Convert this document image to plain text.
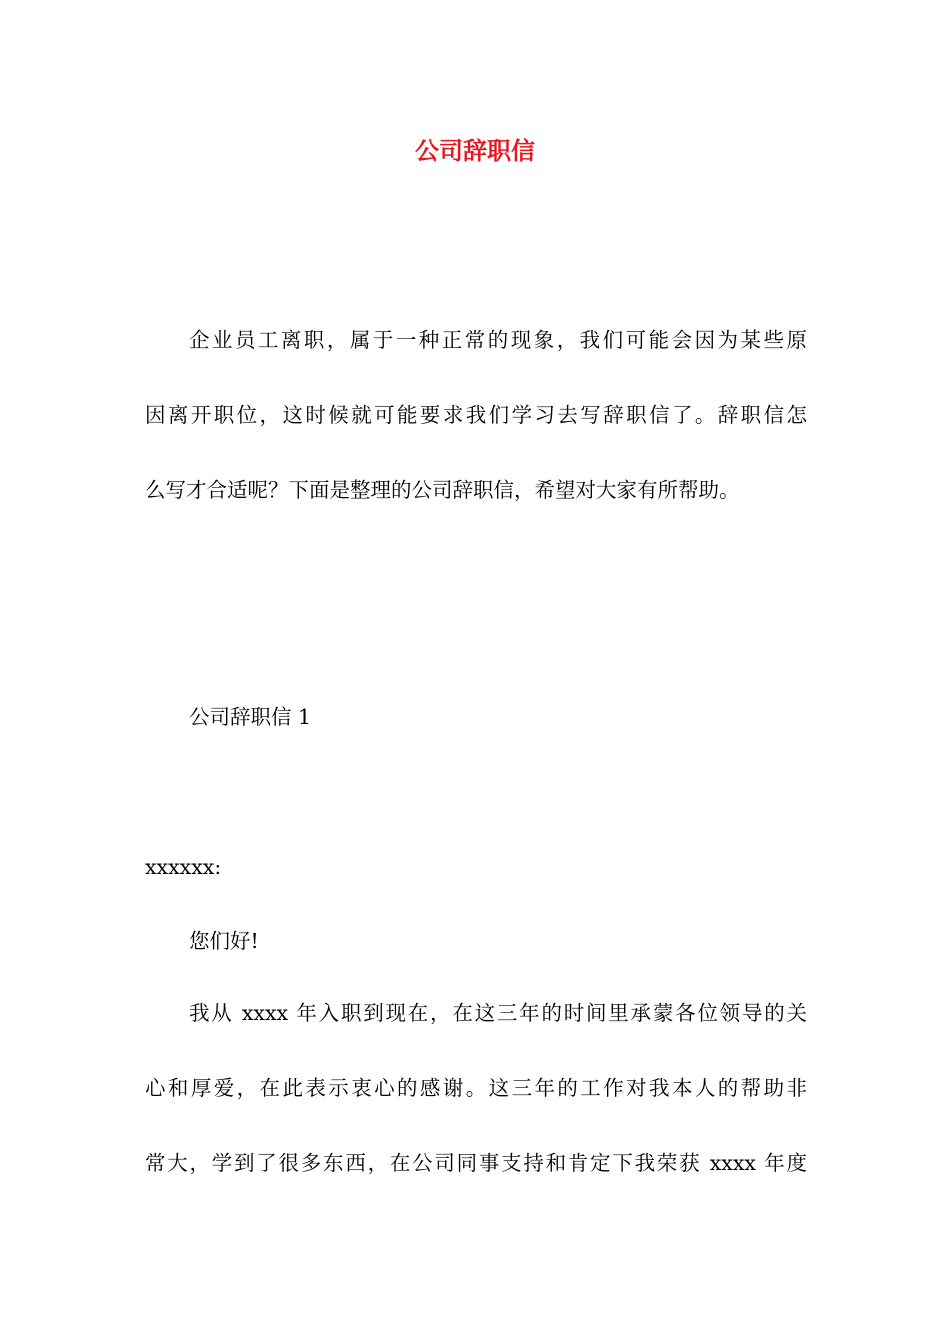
公司辞职信
企业员工离职，属于一种正常的现象，我们可能会因为某些原
因离开职位，这时候就可能要求我们学习去写辞职信了。辞职信怎
么写才合适呢？下面是整理的公司辞职信，希望对大家有所帮助。
公司辞职信 1
xxxxxx:
您们好!
我从 xxxx 年入职到现在，在这三年的时间里承蒙各位领导的关
心和厚爱，在此表示衷心的感谢。这三年的工作对我本人的帮助非
常大，学到了很多东西，在公司同事支持和肯定下我荣获 xxxx 年度
